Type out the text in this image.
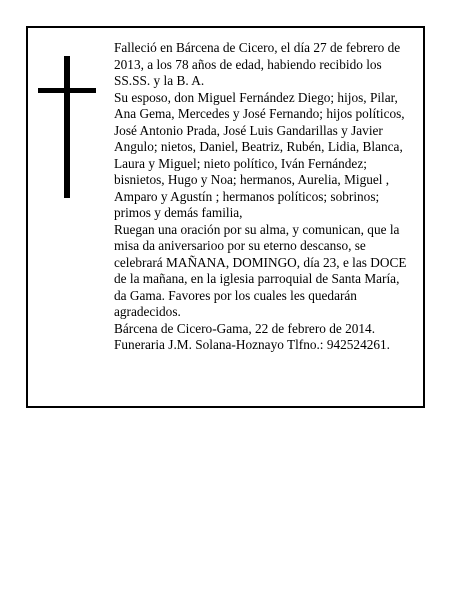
Falleció en Bárcena de Cicero, el día 27 de febrero de 2013, a los 78 años de edad, habiendo recibido los SS.SS. y la B. A.

Su esposo, don Miguel Fernández Diego; hijos, Pilar, Ana Gema, Mercedes y José Fernando; hijos políticos, José Antonio Prada, José Luis Gandarillas y Javier Angulo; nietos, Daniel, Beatriz, Rubén, Lidia, Blanca, Laura y Miguel; nieto político, Iván Fernández; bisnietos, Hugo y Noa; hermanos, Aurelia, Miguel , Amparo y Agustín ; hermanos políticos; sobrinos; primos y demás familia,

Ruegan una oración por su alma, y comunican, que la misa da aniversarioo por su eterno descanso, se celebrará MAÑANA, DOMINGO, día 23, e las DOCE de la mañana, en la iglesia parroquial de Santa María, da Gama. Favores por los cuales les quedarán agradecidos.

Bárcena de Cicero-Gama, 22 de febrero de 2014.

Funeraria J.M. Solana-Hoznayo Tlfno.: 942524261.
